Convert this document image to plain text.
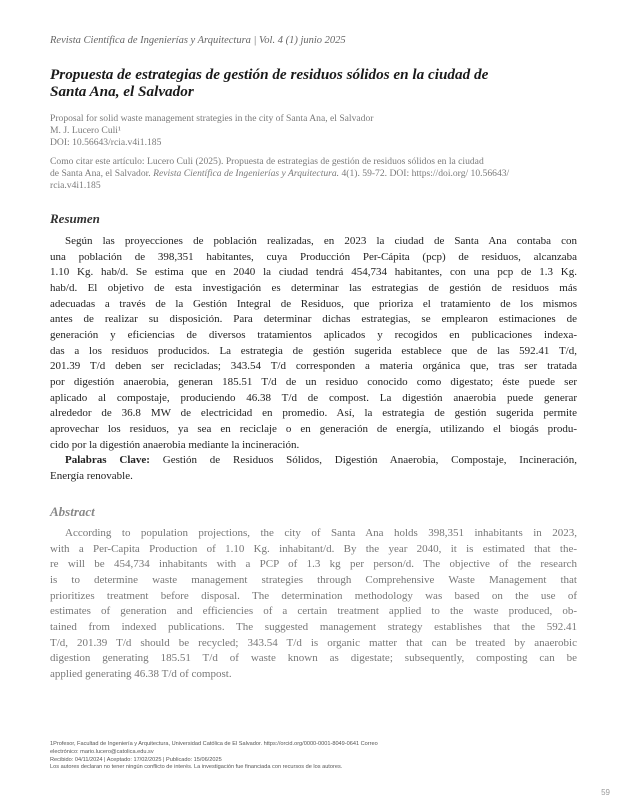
Revista Científica de Ingenierías y Arquitectura | Vol. 4 (1) junio 2025
Propuesta de estrategias de gestión de residuos sólidos en la ciudad de
Santa Ana, el Salvador
Proposal for solid waste management strategies in the city of Santa Ana, el Salvador
M. J. Lucero Culi¹
DOI: 10.56643/rcia.v4i1.185
Como citar este artículo: Lucero Culi (2025). Propuesta de estrategias de gestión de residuos sólidos en la ciudad
de Santa Ana, el Salvador. Revista Científica de Ingenierías y Arquitectura. 4(1). 59-72. DOI: https://doi.org/ 10.56643/
rcia.v4i1.185
Resumen
Según las proyecciones de población realizadas, en 2023 la ciudad de Santa Ana contaba con
una población de 398,351 habitantes, cuya Producción Per-Cápita (pcp) de residuos, alcanzaba
1.10 Kg. hab/d. Se estima que en 2040 la ciudad tendrá 454,734 habitantes, con una pcp de 1.3 Kg.
hab/d. El objetivo de esta investigación es determinar las estrategias de gestión de residuos más
adecuadas a través de la Gestión Integral de Residuos, que prioriza el tratamiento de los mismos
antes de realizar su disposición. Para determinar dichas estrategias, se emplearon estimaciones de
generación y eficiencias de diversos tratamientos aplicados y recogidos en publicaciones indexa-
das a los residuos producidos. La estrategia de gestión sugerida establece que de las 592.41 T/d,
201.39 T/d deben ser recicladas; 343.54 T/d corresponden a materia orgánica que, tras ser tratada
por digestión anaerobia, generan 185.51 T/d de un residuo conocido como digestato; éste puede ser
aplicado al compostaje, produciendo 46.38 T/d de compost. La digestión anaerobia puede generar
alrededor de 36.8 MW de electricidad en promedio. Así, la estrategia de gestión sugerida permite
aprovechar los residuos, ya sea en reciclaje o en generación de energía, utilizando el biogás produ-
cido por la digestión anaerobia mediante la incineración.
Palabras Clave: Gestión de Residuos Sólidos, Digestión Anaerobia, Compostaje, Incineración,
Energía renovable.
Abstract
According to population projections, the city of Santa Ana holds 398,351 inhabitants in 2023,
with a Per-Capita Production of 1.10 Kg. inhabitant/d. By the year 2040, it is estimated that the-
re will be 454,734 inhabitants with a PCP of 1.3 kg per person/d. The objective of the research
is to determine waste management strategies through Comprehensive Waste Management that
prioritizes treatment before disposal. The determination methodology was based on the use of
estimates of generation and efficiencies of a certain treatment applied to the waste produced, ob-
tained from indexed publications. The suggested management strategy establishes that the 592.41
T/d, 201.39 T/d should be recycled; 343.54 T/d is organic matter that can be treated by anaerobic
digestion generating 185.51 T/d of waste known as digestate; subsequently, composting can be
applied generating 46.38 T/d of compost.
1Profesor, Facultad de Ingeniería y Arquitectura, Universidad Católica de El Salvador. https://orcid.org/0000-0001-8049-0641 Correo
electrónico: mario.lucero@catolica.edu.sv
Recibido: 04/11/2024 | Aceptado: 17/02/2025 | Publicado: 15/06/2025
Los autores declaran no tener ningún conflicto de interés. La investigación fue financiada con recursos de los autores.
59
